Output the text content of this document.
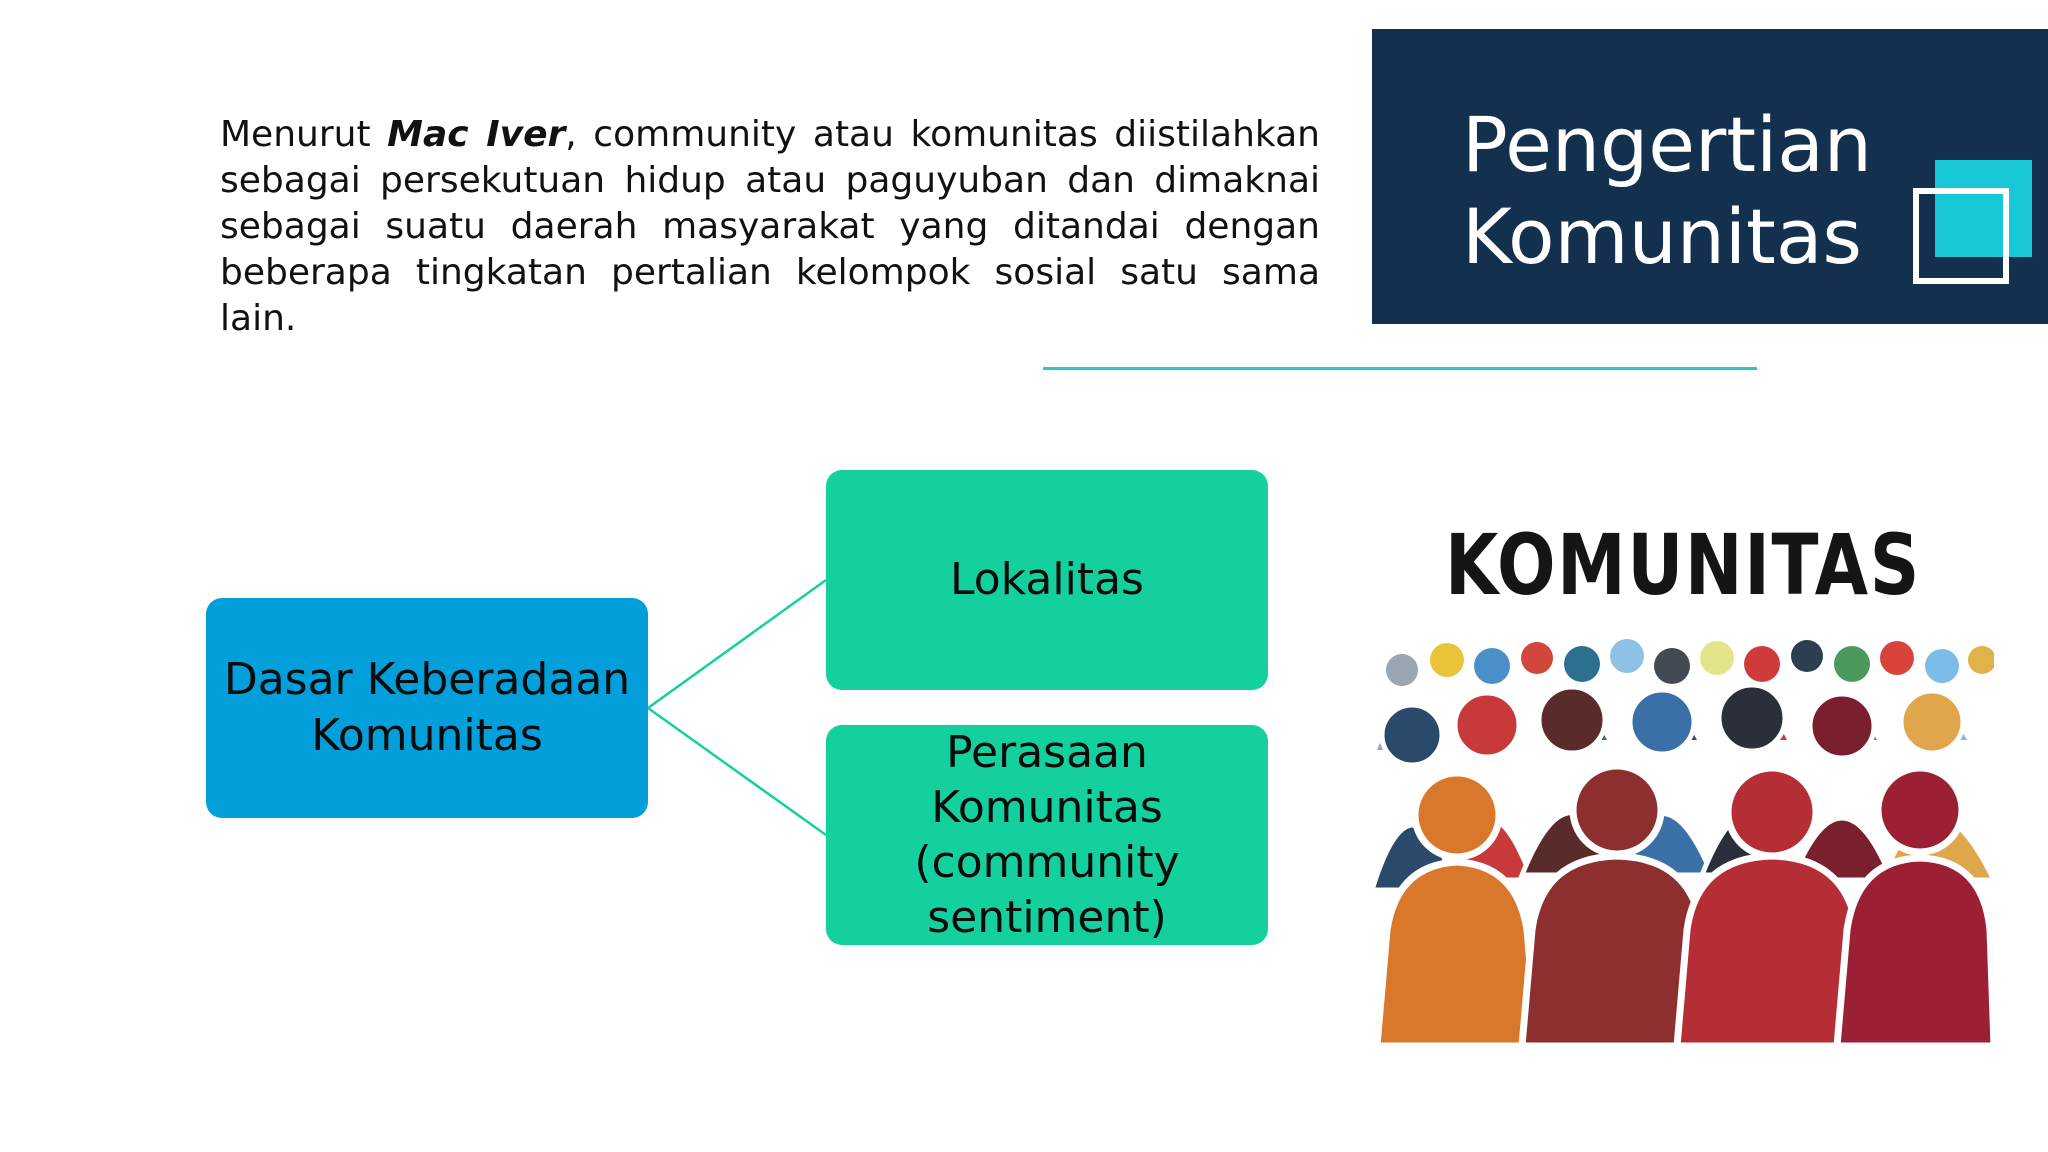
Menurut Mac Iver, community atau komunitas diistilahkan sebagai persekutuan hidup atau paguyuban dan dimaknai sebagai suatu daerah masyarakat yang ditandai dengan beberapa tingkatan pertalian kelompok sosial satu sama lain.

Pengertian
Komunitas
Dasar Keberadaan Komunitas
Lokalitas
Perasaan Komunitas (community sentiment)
KOMUNITAS
